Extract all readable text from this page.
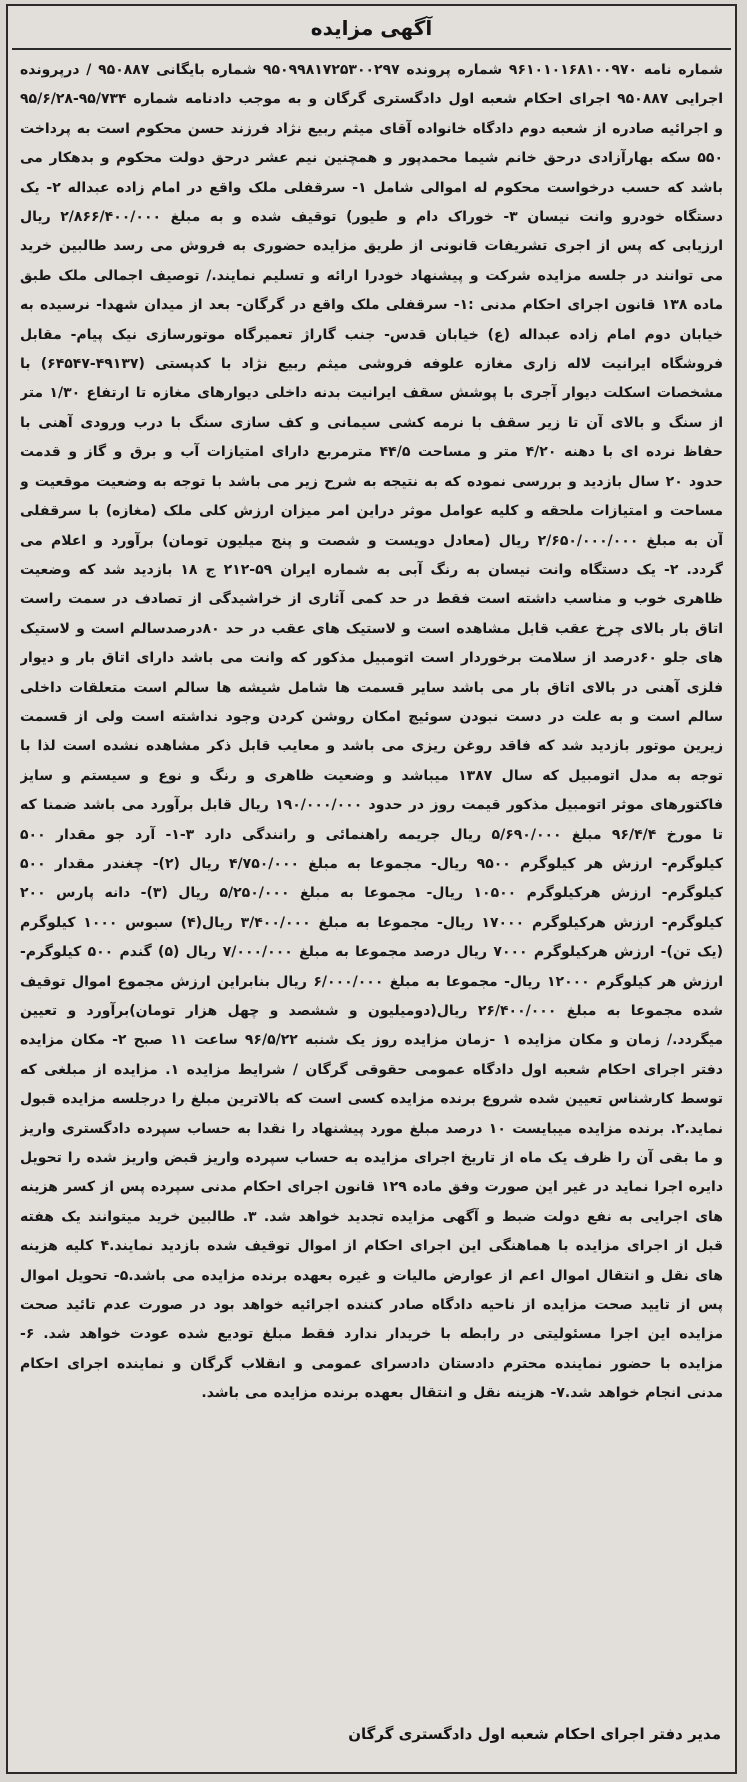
آگهی مزایده
شماره نامه ۹۶۱۰۱۰۱۶۸۱۰۰۹۷۰ شماره پرونده ۹۵۰۹۹۸۱۷۲۵۳۰۰۲۹۷ شماره بایگانی ۹۵۰۸۸۷ / درپرونده اجرایی ۹۵۰۸۸۷ اجرای احکام شعبه اول دادگستری گرگان و به موجب دادنامه شماره ۹۵/۷۳۴-۹۵/۶/۲۸ و اجرائیه صادره از شعبه دوم دادگاه خانواده آقای میثم ربیع نژاد فرزند حسن محکوم است به پرداخت ۵۵۰ سکه بهارآزادی درحق خانم شیما محمدپور و همچنین نیم عشر درحق دولت محکوم و بدهکار می باشد که حسب درخواست محکوم له اموالی شامل ۱- سرقفلی ملک واقع در امام زاده عبداله ۲- یک دستگاه خودرو وانت نیسان ۳- خوراک دام و طیور) توقیف شده و به مبلغ ۲/۸۶۶/۴۰۰/۰۰۰ ریال ارزیابی که پس از اجری تشریفات قانونی از طریق مزایده حضوری به فروش می رسد طالبین خرید می توانند در جلسه مزایده شرکت و پیشنهاد خودرا ارائه و تسلیم نمایند./ توصیف اجمالی ملک طبق ماده ۱۳۸ قانون اجرای احکام مدنی :۱- سرقفلی ملک واقع در گرگان- بعد از میدان شهدا- نرسیده به خیابان دوم امام زاده عبداله (ع) خیابان قدس- جنب گاراژ تعمیرگاه موتورسازی نیک پیام- مقابل فروشگاه ایرانیت لاله زاری مغازه علوفه فروشی میثم ربیع نژاد با کدپستی (۴۹۱۳۷-۶۴۵۴۷) با مشخصات اسکلت دیوار آجری با پوشش سقف ایرانیت بدنه داخلی دیوارهای مغازه تا ارتفاع ۱/۳۰ متر از سنگ و بالای آن تا زیر سقف با نرمه کشی سیمانی و کف سازی سنگ با درب ورودی آهنی با حفاظ نرده ای با دهنه ۴/۲۰ متر و مساحت ۴۴/۵ مترمربع دارای امتیازات آب و برق و گاز و قدمت حدود ۲۰ سال بازدید و بررسی نموده که به نتیجه به شرح زیر می باشد با توجه به وضعیت موقعیت و مساحت و امتیازات ملحقه و کلیه عوامل موثر دراین امر میزان ارزش کلی ملک (مغازه) با سرقفلی آن به مبلغ ۲/۶۵۰/۰۰۰/۰۰۰ ریال (معادل دویست و شصت و پنج میلیون تومان) برآورد و اعلام می گردد. ۲- یک دستگاه وانت نیسان به رنگ آبی به شماره ایران ۵۹-۲۱۲ ج ۱۸ بازدید شد که وضعیت ظاهری خوب و مناسب داشته است فقط در حد کمی آثاری از خراشیدگی از تصادف در سمت راست اتاق بار بالای چرخ عقب قابل مشاهده است و لاستیک های عقب در حد ۸۰درصدسالم است و لاستیک های جلو ۶۰درصد از سلامت برخوردار است اتومبیل مذکور که وانت می باشد دارای اتاق بار و دیوار فلزی آهنی در بالای اتاق بار می باشد سایر قسمت ها شامل شیشه ها سالم است متعلقات داخلی سالم است و به علت در دست نبودن سوئیچ امکان روشن کردن وجود نداشته است ولی از قسمت زیرین موتور بازدید شد که فاقد روغن ریزی می باشد و معایب قابل ذکر مشاهده نشده است لذا با توجه به مدل اتومبیل که سال ۱۳۸۷ میباشد و وضعیت ظاهری و رنگ و نوع و سیستم و سایز فاکتورهای موثر اتومبیل مذکور قیمت روز در حدود ۱۹۰/۰۰۰/۰۰۰ ریال قابل برآورد می باشد ضمنا که تا مورخ ۹۶/۴/۴ مبلغ ۵/۶۹۰/۰۰۰ ریال جریمه راهنمائی و رانندگی دارد ۳-۱- آرد جو مقدار ۵۰۰ کیلوگرم- ارزش هر کیلوگرم ۹۵۰۰ ریال- مجموعا به مبلغ ۴/۷۵۰/۰۰۰ ریال (۲)- چغندر مقدار ۵۰۰ کیلوگرم- ارزش هرکیلوگرم ۱۰۵۰۰ ریال- مجموعا به مبلغ ۵/۲۵۰/۰۰۰ ریال (۳)- دانه پارس ۲۰۰ کیلوگرم- ارزش هرکیلوگرم ۱۷۰۰۰ ریال- مجموعا به مبلغ ۳/۴۰۰/۰۰۰ ریال(۴) سبوس ۱۰۰۰ کیلوگرم (یک تن)- ارزش هرکیلوگرم ۷۰۰۰ ریال درصد مجموعا به مبلغ ۷/۰۰۰/۰۰۰ ریال (۵) گندم ۵۰۰ کیلوگرم-ارزش هر کیلوگرم ۱۲۰۰۰ ریال- مجموعا به مبلغ ۶/۰۰۰/۰۰۰ ریال بنابراین ارزش مجموع اموال توقیف شده مجموعا به مبلغ ۲۶/۴۰۰/۰۰۰ ریال(دومیلیون و ششصد و چهل هزار تومان)برآورد و تعیین میگردد./ زمان و مکان مزایده ۱ -زمان مزایده روز یک شنبه ۹۶/۵/۲۲ ساعت ۱۱ صبح ۲- مکان مزایده دفتر اجرای احکام شعبه اول دادگاه عمومی حقوقی گرگان / شرایط مزایده ۱. مزایده از مبلغی که توسط کارشناس تعیین شده شروع برنده مزایده کسی است که بالاترین مبلغ را درجلسه مزایده قبول نماید.۲. برنده مزایده میبایست ۱۰ درصد مبلغ مورد پیشنهاد را نقدا به حساب سپرده دادگستری واریز و ما بقی آن را ظرف یک ماه از تاریخ اجرای مزایده به حساب سپرده واریز قبض واریز شده را تحویل دایره اجرا نماید در غیر این صورت وفق ماده ۱۲۹ قانون اجرای احکام مدنی سپرده پس از کسر هزینه های اجرایی به نفع دولت ضبط و آگهی مزایده تجدید خواهد شد. ۳. طالبین خرید میتوانند یک هفته قبل از اجرای مزایده با هماهنگی این اجرای احکام از اموال توقیف شده بازدید نمایند.۴ کلیه هزینه های نقل و انتقال اموال اعم از عوارض مالیات و غیره بعهده برنده مزایده می باشد.۵- تحویل اموال پس از تایید صحت مزایده از ناحیه دادگاه صادر کننده اجرائیه خواهد بود در صورت عدم تائید صحت مزایده این اجرا مسئولیتی در رابطه با خریدار ندارد فقط مبلغ تودیع شده عودت خواهد شد. ۶- مزایده با حضور نماینده محترم دادستان دادسرای عمومی و انقلاب گرگان و نماینده اجرای احکام مدنی انجام خواهد شد.۷- هزینه نقل و انتقال بعهده برنده مزایده می باشد.
مدیر دفتر اجرای احکام شعبه اول دادگستری گرگان
